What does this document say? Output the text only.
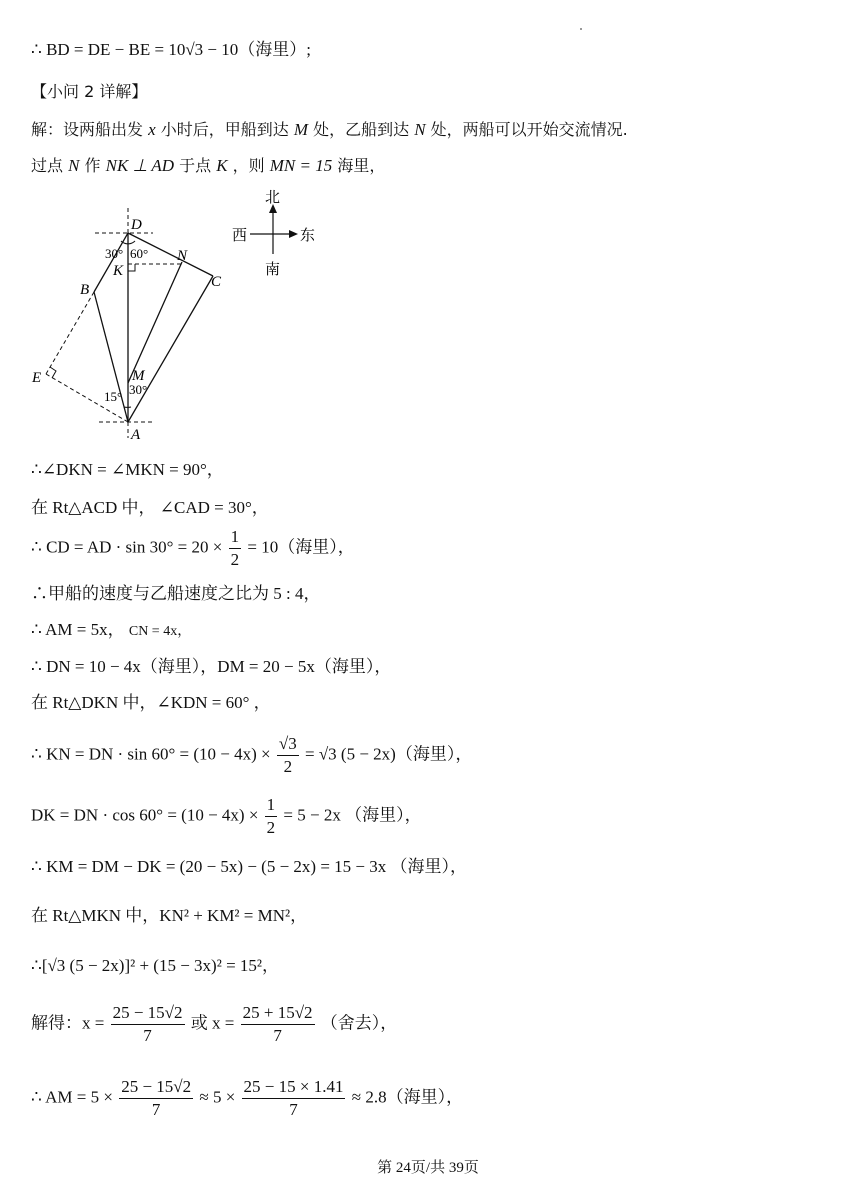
∴ BD = DE − BE = 10√3 − 10（海里）;
【小问 2 详解】
解：设两船出发 x 小时后，甲船到达 M 处，乙船到达 N 处，两船可以开始交流情况.
过点 N 作 NK ⊥ AD 于点 K ，则 MN = 15 海里，
D
N
K
B	C
E	M
A
30° 60°
15° 30°
北
南
西	东
∴∠DKN = ∠MKN = 90°，
在 Rt△ACD 中， ∠CAD = 30°，
∴ CD = AD · $\sin 30^\circ = 20 \times \frac{1}{2} = 10$（海里），
∴甲船的速度与乙船速度之比为 5 : 4，
∴ AM = 5x， CN = 4x，
∴ DN = 10 − 4x（海里），DM = 20 − 5x（海里），
在 Rt△DKN 中，∠KDN = 60° ，
∴ KN = DN · $\sin 60^\circ = (10 - 4x) \times \frac{√3}{2} = √3$ (5 − 2x)（海里），
DK = DN · $\cos 60^\circ = (10 - 4x) \times \frac{1}{2} = 5 - 2x$ （海里），
∴ KM = DM − DK = (20 − 5x) − (5 − 2x) = 15 − 3x （海里），
在 Rt△MKN 中，KN² + KM² = MN²，
∴[√3 (5 − 2x)]² + (15 − 3x)² = 15²，
解得：$x = \frac{25 - 15√2}{7}$ 或 $x = \frac{25 + 15√2}{7}$ （舍去），
∴ AM = $5 \times \frac{25 - 15√2}{7} \approx 5 \times \frac{25 - 15 \times 1.41}{7} \approx 2.8$（海里），
第 24页/共 39页
